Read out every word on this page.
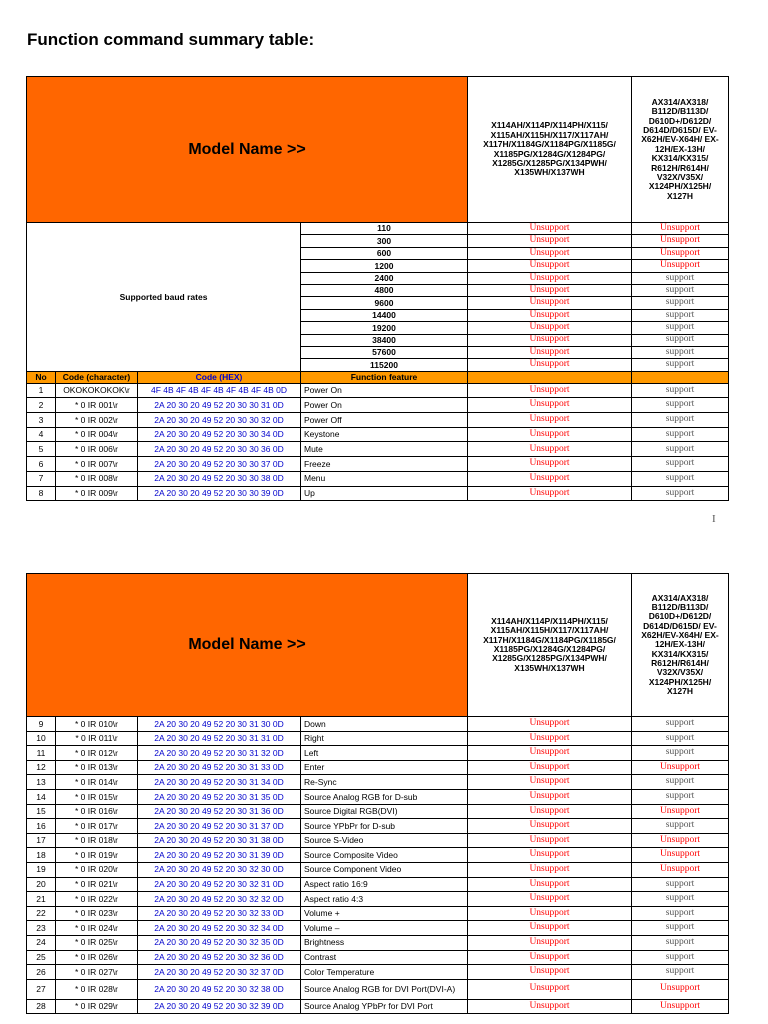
Function command summary table:
Model Name >>				X114AH/X114P/X114PH/X115/ X115AH/X115H/X117/X117AH/ X117H/X1184G/X1184PG/X1185G/ X1185PG/X1284G/X1284PG/ X1285G/X1285PG/X134PWH/ X135WH/X137WH	AX314/AX318/ B112D/B113D/ D610D+/D612D/ D614D/D615D/ EV-X62H/EV-X64H/ EX-12H/EX-13H/ KX314/KX315/ R612H/R614H/ V32X/V35X/ X124PH/X125H/ X127H
Supported baud rates			110	Unsupport	Unsupport
			300	Unsupport	Unsupport
			600	Unsupport	Unsupport
			1200	Unsupport	Unsupport
			2400	Unsupport	support
			4800	Unsupport	support
			9600	Unsupport	support
			14400	Unsupport	support
			19200	Unsupport	support
			38400	Unsupport	support
			57600	Unsupport	support
			115200	Unsupport	support
No	Code (character)	Code (HEX)	Function feature		
1	OKOKOKOKOK\r	4F 4B 4F 4B 4F 4B 4F 4B 4F 4B 0D	Power On	Unsupport	support
2	* 0 IR 001\r	2A 20 30 20 49 52 20 30 30 31 0D	Power On	Unsupport	support
3	* 0 IR 002\r	2A 20 30 20 49 52 20 30 30 32 0D	Power Off	Unsupport	support
4	* 0 IR 004\r	2A 20 30 20 49 52 20 30 30 34 0D	Keystone	Unsupport	support
5	* 0 IR 006\r	2A 20 30 20 49 52 20 30 30 36 0D	Mute	Unsupport	support
6	* 0 IR 007\r	2A 20 30 20 49 52 20 30 30 37 0D	Freeze	Unsupport	support
7	* 0 IR 008\r	2A 20 30 20 49 52 20 30 30 38 0D	Menu	Unsupport	support
8	* 0 IR 009\r	2A 20 30 20 49 52 20 30 30 39 0D	Up	Unsupport	support
I
Model Name >>				X114AH/X114P/X114PH/X115/ X115AH/X115H/X117/X117AH/ X117H/X1184G/X1184PG/X1185G/ X1185PG/X1284G/X1284PG/ X1285G/X1285PG/X134PWH/ X135WH/X137WH	AX314/AX318/ B112D/B113D/ D610D+/D612D/ D614D/D615D/ EV-X62H/EV-X64H/ EX-12H/EX-13H/ KX314/KX315/ R612H/R614H/ V32X/V35X/ X124PH/X125H/ X127H
9	* 0 IR 010\r	2A 20 30 20 49 52 20 30 31 30 0D	Down	Unsupport	support
10	* 0 IR 011\r	2A 20 30 20 49 52 20 30 31 31 0D	Right	Unsupport	support
11	* 0 IR 012\r	2A 20 30 20 49 52 20 30 31 32 0D	Left	Unsupport	support
12	* 0 IR 013\r	2A 20 30 20 49 52 20 30 31 33 0D	Enter	Unsupport	Unsupport
13	* 0 IR 014\r	2A 20 30 20 49 52 20 30 31 34 0D	Re-Sync	Unsupport	support
14	* 0 IR 015\r	2A 20 30 20 49 52 20 30 31 35 0D	Source Analog RGB for D-sub	Unsupport	support
15	* 0 IR 016\r	2A 20 30 20 49 52 20 30 31 36 0D	Source Digital RGB(DVI)	Unsupport	Unsupport
16	* 0 IR 017\r	2A 20 30 20 49 52 20 30 31 37 0D	Source YPbPr for D-sub	Unsupport	support
17	* 0 IR 018\r	2A 20 30 20 49 52 20 30 31 38 0D	Source S-Video	Unsupport	Unsupport
18	* 0 IR 019\r	2A 20 30 20 49 52 20 30 31 39 0D	Source Composite Video	Unsupport	Unsupport
19	* 0 IR 020\r	2A 20 30 20 49 52 20 30 32 30 0D	Source Component Video	Unsupport	Unsupport
20	* 0 IR 021\r	2A 20 30 20 49 52 20 30 32 31 0D	Aspect ratio 16:9	Unsupport	support
21	* 0 IR 022\r	2A 20 30 20 49 52 20 30 32 32 0D	Aspect ratio 4:3	Unsupport	support
22	* 0 IR 023\r	2A 20 30 20 49 52 20 30 32 33 0D	Volume +	Unsupport	support
23	* 0 IR 024\r	2A 20 30 20 49 52 20 30 32 34 0D	Volume –	Unsupport	support
24	* 0 IR 025\r	2A 20 30 20 49 52 20 30 32 35 0D	Brightness	Unsupport	support
25	* 0 IR 026\r	2A 20 30 20 49 52 20 30 32 36 0D	Contrast	Unsupport	support
26	* 0 IR 027\r	2A 20 30 20 49 52 20 30 32 37 0D	Color Temperature	Unsupport	support
27	* 0 IR 028\r	2A 20 30 20 49 52 20 30 32 38 0D	Source Analog RGB for DVI Port(DVI-A)	Unsupport	Unsupport
28	* 0 IR 029\r	2A 20 30 20 49 52 20 30 32 39 0D	Source Analog YPbPr for DVI Port	Unsupport	Unsupport
